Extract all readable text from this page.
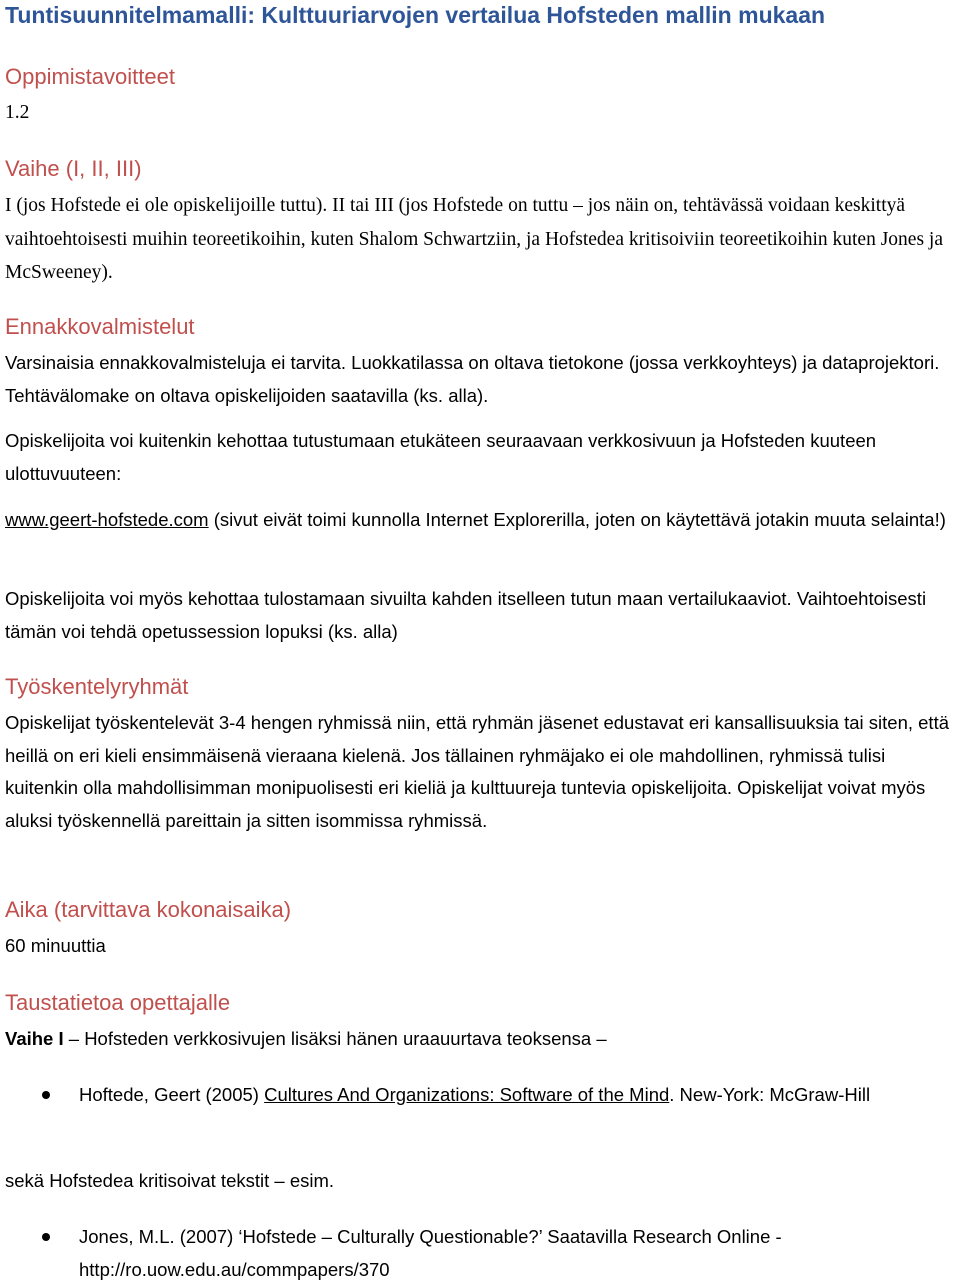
Tuntisuunnitelmamalli: Kulttuuriarvojen vertailua Hofsteden mallin mukaan
Oppimistavoitteet
1.2
Vaihe (I, II, III)
I (jos Hofstede ei ole opiskelijoille tuttu). II tai III (jos Hofstede on tuttu – jos näin on, tehtävässä voidaan keskittyä vaihtoehtoisesti muihin teoreetikoihin, kuten Shalom Schwartziin, ja Hofstedea kritisoiviin teoreetikoihin kuten Jones ja McSweeney).
Ennakkovalmistelut
Varsinaisia ennakkovalmisteluja ei tarvita. Luokkatilassa on oltava tietokone (jossa verkkoyhteys) ja dataprojektori. Tehtävälomake on oltava opiskelijoiden saatavilla (ks. alla).
Opiskelijoita voi kuitenkin kehottaa tutustumaan etukäteen seuraavaan verkkosivuun ja Hofsteden kuuteen ulottuvuuteen:
www.geert-hofstede.com (sivut eivät toimi kunnolla Internet Explorerilla, joten on käytettävä jotakin muuta selainta!)
Opiskelijoita voi myös kehottaa tulostamaan sivuilta kahden itselleen tutun maan vertailukaaviot. Vaihtoehtoisesti tämän voi tehdä opetussession lopuksi (ks. alla)
Työskentelyryhmät
Opiskelijat työskentelevät 3-4 hengen ryhmissä niin, että ryhmän jäsenet edustavat eri kansallisuuksia tai siten, että heillä on eri kieli ensimmäisenä vieraana kielenä. Jos tällainen ryhmäjako ei ole mahdollinen, ryhmissä tulisi kuitenkin olla mahdollisimman monipuolisesti eri kieliä ja kulttuureja tuntevia opiskelijoita. Opiskelijat voivat myös aluksi työskennellä pareittain ja sitten isommissa ryhmissä.
Aika (tarvittava kokonaisaika)
60 minuuttia
Taustatietoa opettajalle
Vaihe I – Hofsteden verkkosivujen lisäksi hänen uraauurtava teoksensa –
Hoftede, Geert (2005) Cultures And Organizations: Software of the Mind. New-York: McGraw-Hill
sekä Hofstedea kritisoivat tekstit – esim.
Jones, M.L. (2007) ‘Hofstede – Culturally Questionable?’ Saatavilla Research Online - http://ro.uow.edu.au/commpapers/370
